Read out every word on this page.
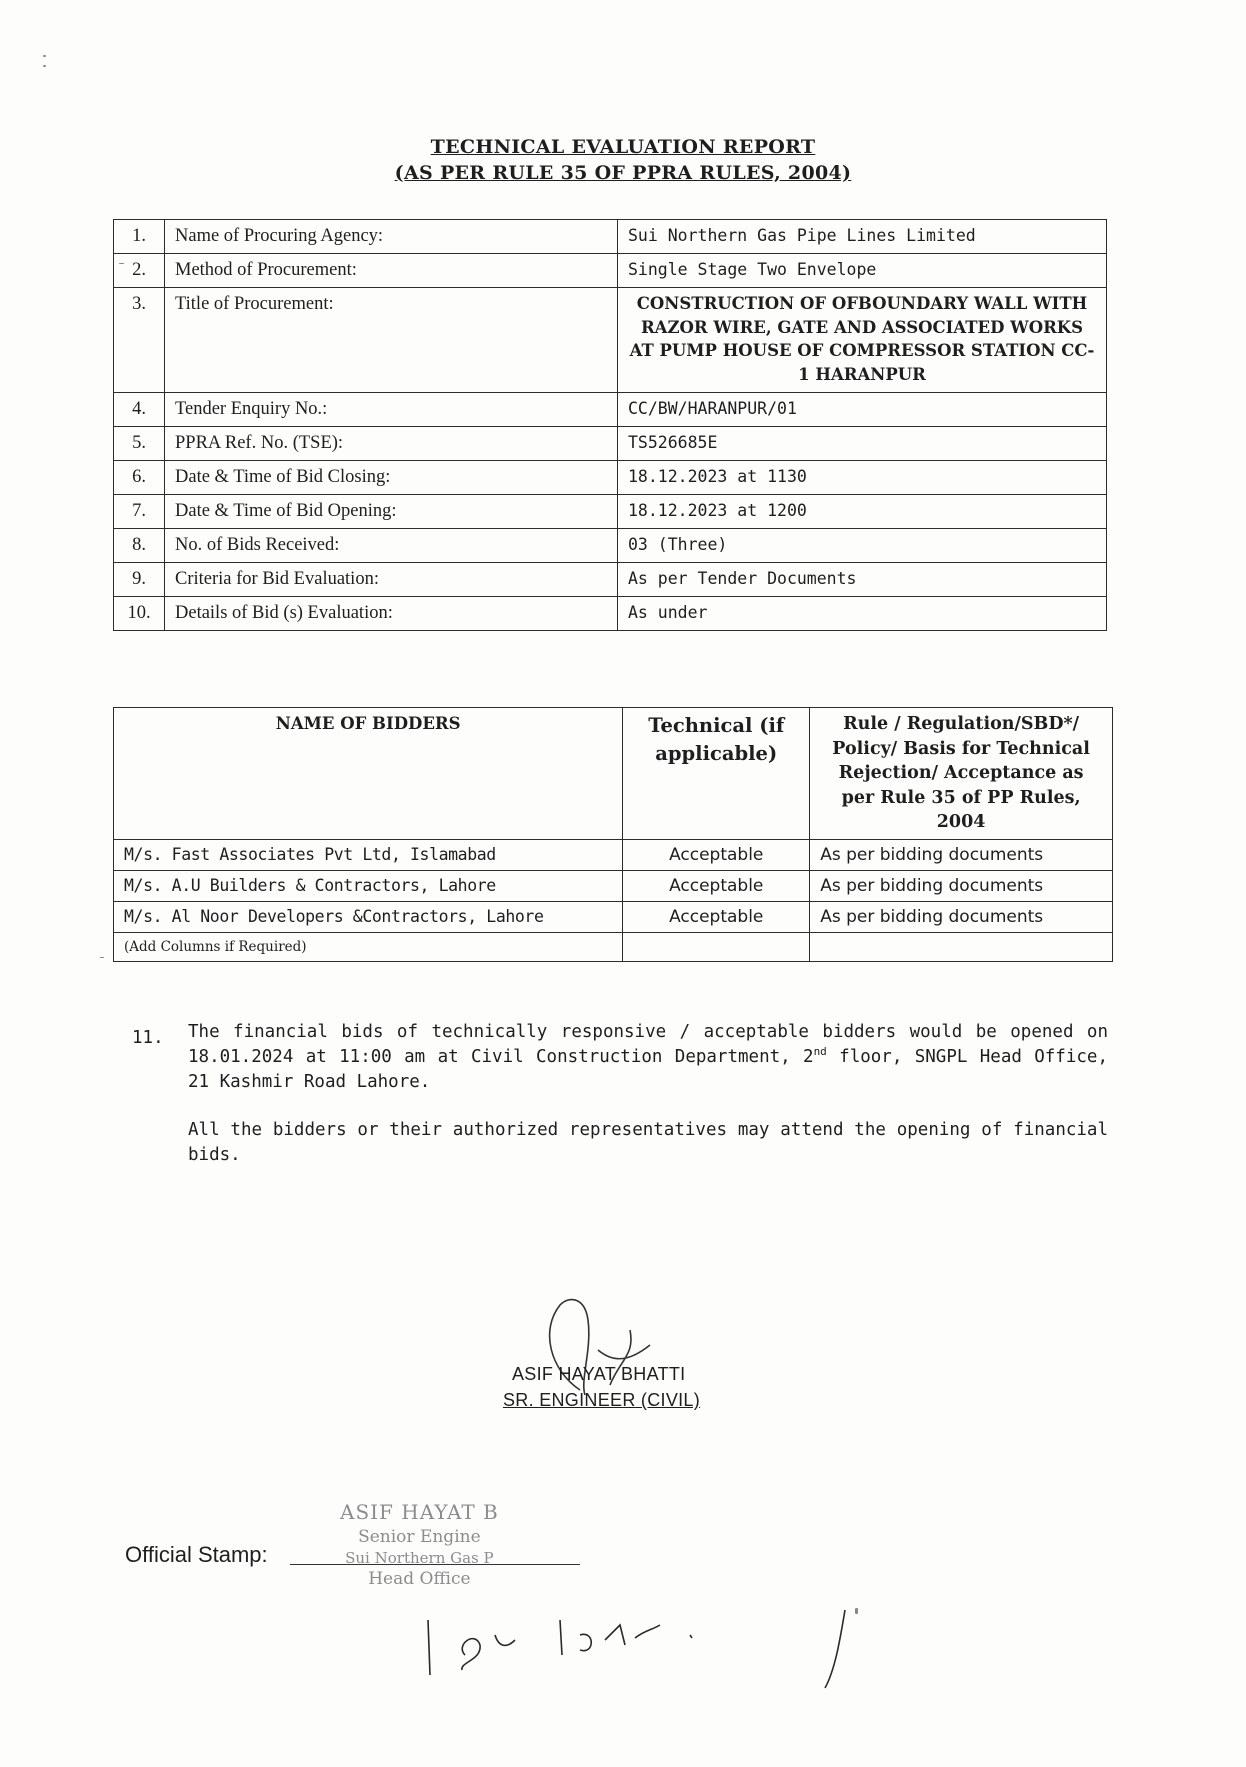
TECHNICAL EVALUATION REPORT
(AS PER RULE 35 OF PPRA RULES, 2004)
1.	Name of Procuring Agency:	Sui Northern Gas Pipe Lines Limited
2.	Method of Procurement:	Single Stage Two Envelope
3.	Title of Procurement:	CONSTRUCTION OF OFBOUNDARY WALL WITH RAZOR WIRE, GATE AND ASSOCIATED WORKS AT PUMP HOUSE OF COMPRESSOR STATION CC-1 HARANPUR
4.	Tender Enquiry No.:	CC/BW/HARANPUR/01
5.	PPRA Ref. No. (TSE):	TS526685E
6.	Date & Time of Bid Closing:	18.12.2023 at 1130
7.	Date & Time of Bid Opening:	18.12.2023 at 1200
8.	No. of Bids Received:	03 (Three)
9.	Criteria for Bid Evaluation:	As per Tender Documents
10.	Details of Bid (s) Evaluation:	As under
NAME OF BIDDERS	Technical (if applicable)	Rule / Regulation/SBD*/ Policy/ Basis for Technical Rejection/ Acceptance as per Rule 35 of PP Rules, 2004
M/s. Fast Associates Pvt Ltd, Islamabad	Acceptable	As per bidding documents
M/s. A.U Builders & Contractors, Lahore	Acceptable	As per bidding documents
M/s. Al Noor Developers &Contractors, Lahore	Acceptable	As per bidding documents
(Add Columns if Required)		
11. The financial bids of technically responsive / acceptable bidders would be opened on 18.01.2024 at 11:00 am at Civil Construction Department, 2nd floor, SNGPL Head Office, 21 Kashmir Road Lahore.
All the bidders or their authorized representatives may attend the opening of financial bids.
ASIF HAYAT BHATTI
SR. ENGINEER (CIVIL)
Official Stamp:
ASIF HAYAT B
Senior Engine
Sui Northern Gas P
Head Office
